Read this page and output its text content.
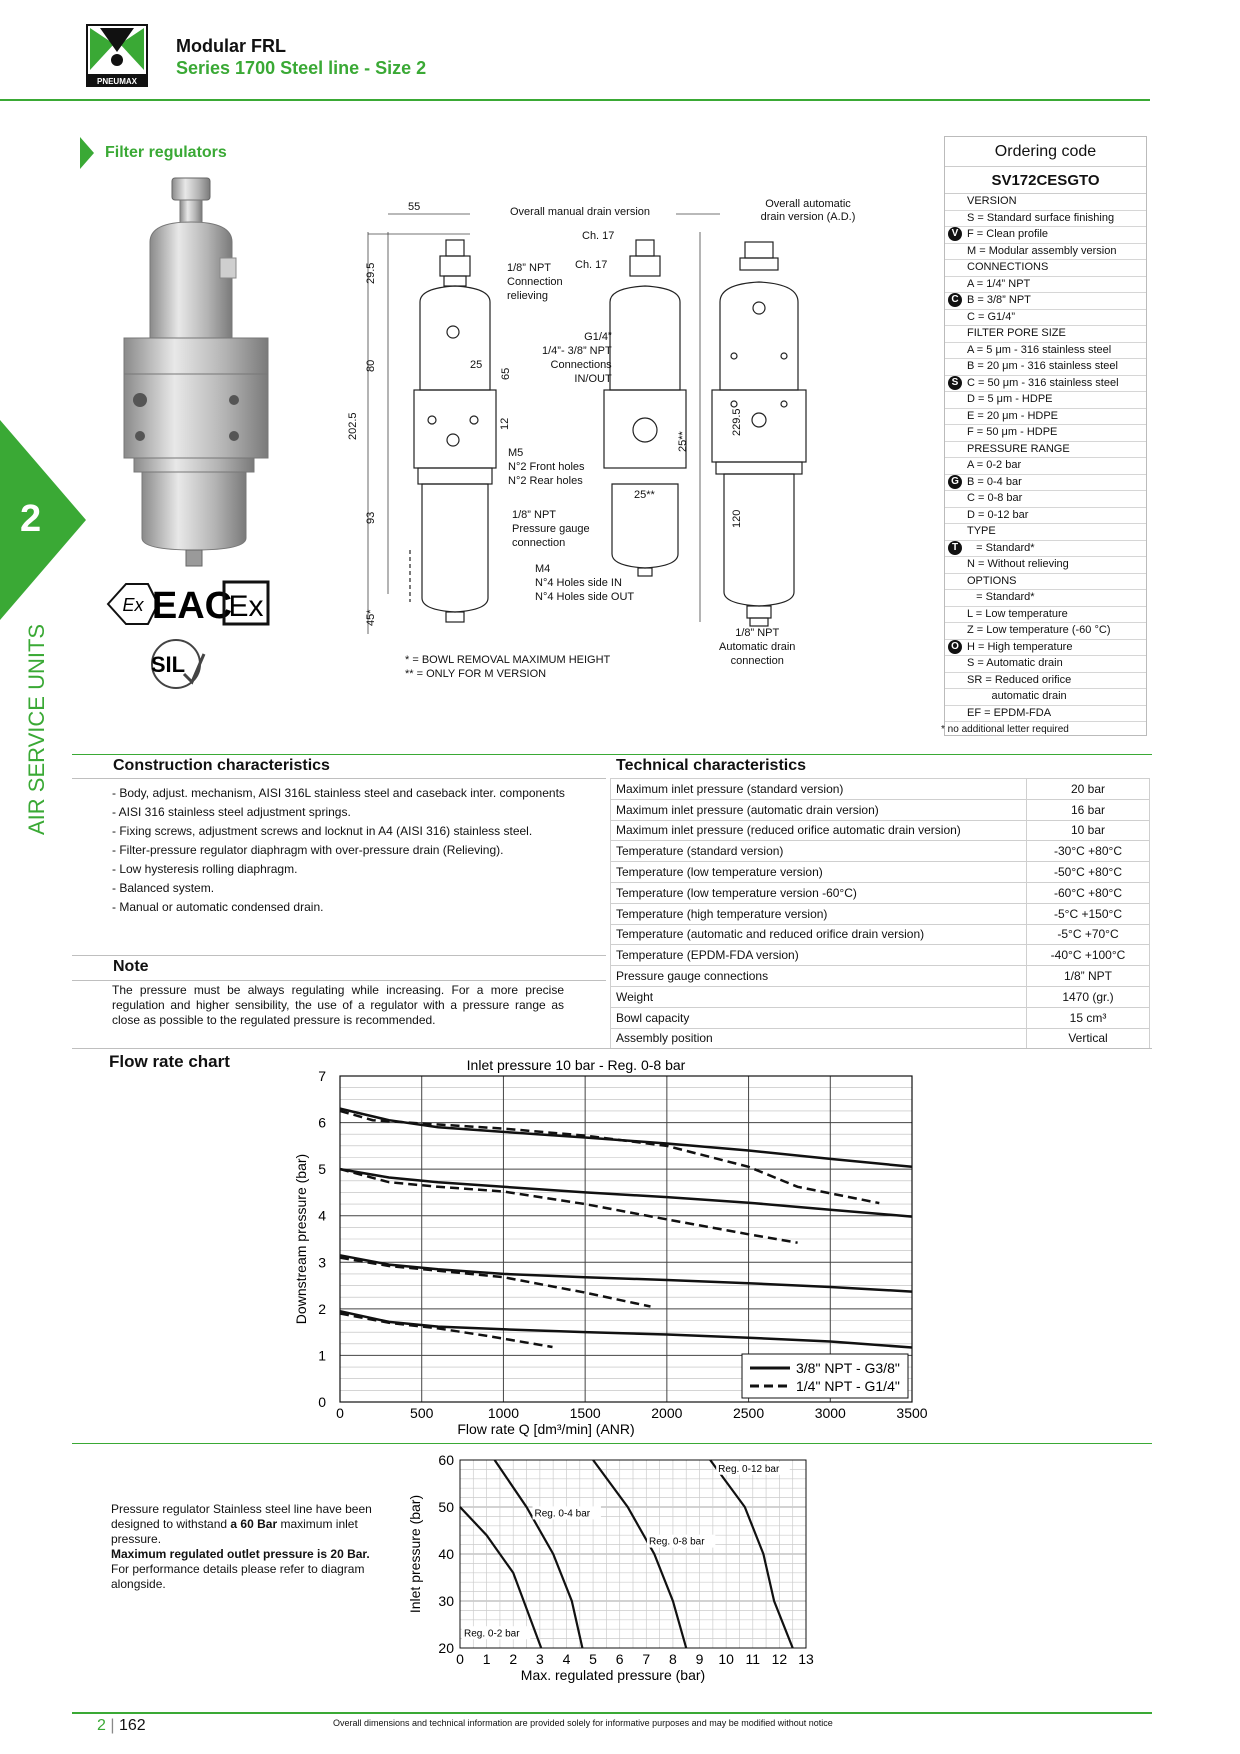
PNEUMAX
Modular FRL
Series 1700 Steel line - Size 2
2
AIR SERVICE UNITS
Filter regulators
Ex EAC
Ex
SIL
55
29.5
80
65
25
12
202.5
93
45*
25**
25**
229.5
120
Overall manual drain version
Overall automatic drain version (A.D.)
Ch. 17
Ch. 17
1/8” NPT
Connection
relieving
G1/4”
1/4”- 3/8” NPT
Connections
IN/OUT
M5
N°2 Front holes
N°2 Rear holes
1/8” NPT
Pressure gauge
connection
M4
N°4 Holes side IN
N°4 Holes side OUT
1/8” NPT
Automatic drain
connection
* = BOWL REMOVAL MAXIMUM HEIGHT
** = ONLY FOR M VERSION
Ordering code
SV172CESGTO
VERSION
S = Standard surface finishing
V F = Clean profile
M = Modular assembly version
CONNECTIONS
A = 1/4” NPT
C B = 3/8” NPT
C = G1/4”
FILTER PORE SIZE
A = 5 μm - 316 stainless steel
B = 20 μm - 316 stainless steel
S C = 50 μm - 316 stainless steel
D = 5 μm - HDPE
E = 20 μm - HDPE
F = 50 μm - HDPE
PRESSURE RANGE
A = 0-2 bar
G B = 0-4 bar
C = 0-8 bar
D = 0-12 bar
TYPE
T = Standard*
N = Without relieving
OPTIONS
= Standard*
L = Low temperature
Z = Low temperature (-60 °C)
O H = High temperature
S = Automatic drain
SR = Reduced orifice
automatic drain
EF = EPDM-FDA
* no additional letter required
Construction characteristics
- Body, adjust. mechanism, AISI 316L stainless steel and caseback inter. components
- AISI 316 stainless steel adjustment springs.
- Fixing screws, adjustment screws and locknut in A4 (AISI 316) stainless steel.
- Filter-pressure regulator diaphragm with over-pressure drain (Relieving).
- Low hysteresis rolling diaphragm.
- Balanced system.
- Manual or automatic condensed drain.
Note
The pressure must be always regulating while increasing. For a more precise regulation and higher sensibility, the use of a regulator with a pressure range as close as possible to the regulated pressure is recommended.
Technical characteristics
Maximum inlet pressure (standard version)	20 bar
Maximum inlet pressure (automatic drain version)	16 bar
Maximum inlet pressure (reduced orifice automatic drain version)	10 bar
Temperature (standard version)	-30°C +80°C
Temperature (low temperature version)	-50°C +80°C
Temperature (low temperature version -60°C)	-60°C +80°C
Temperature (high temperature version)	-5°C +150°C
Temperature (automatic and reduced orifice drain version)	-5°C +70°C
Temperature (EPDM-FDA version)	-40°C +100°C
Pressure gauge connections	1/8” NPT
Weight	1470 (gr.)
Bowl capacity	15 cm³
Assembly position	Vertical
Flow rate chart
0	500	1000	1500	2000	2500	3000	3500
0
1
2
3
4
5
6
7
Inlet pressure 10 bar - Reg. 0-8 bar
Flow rate Q [dm³/min] (ANR)
Downstream pressure (bar)
3/8" NPT - G3/8"
1/4" NPT - G1/4"
Pressure regulator Stainless steel line have been designed to withstand a 60 Bar maximum inlet pressure.
Maximum regulated outlet pressure is 20 Bar.
For performance details please refer to diagram alongside.
0 1 2 3 4 5 6 7 8 9 10 11 12 13
20
30
40
50
60
Max. regulated pressure (bar)
Inlet pressure (bar)
Reg. 0-2 bar
Reg. 0-4 bar
Reg. 0-8 bar
Reg. 0-12 bar
2 | 162	Overall dimensions and technical information are provided solely for informative purposes and may be modified without notice
